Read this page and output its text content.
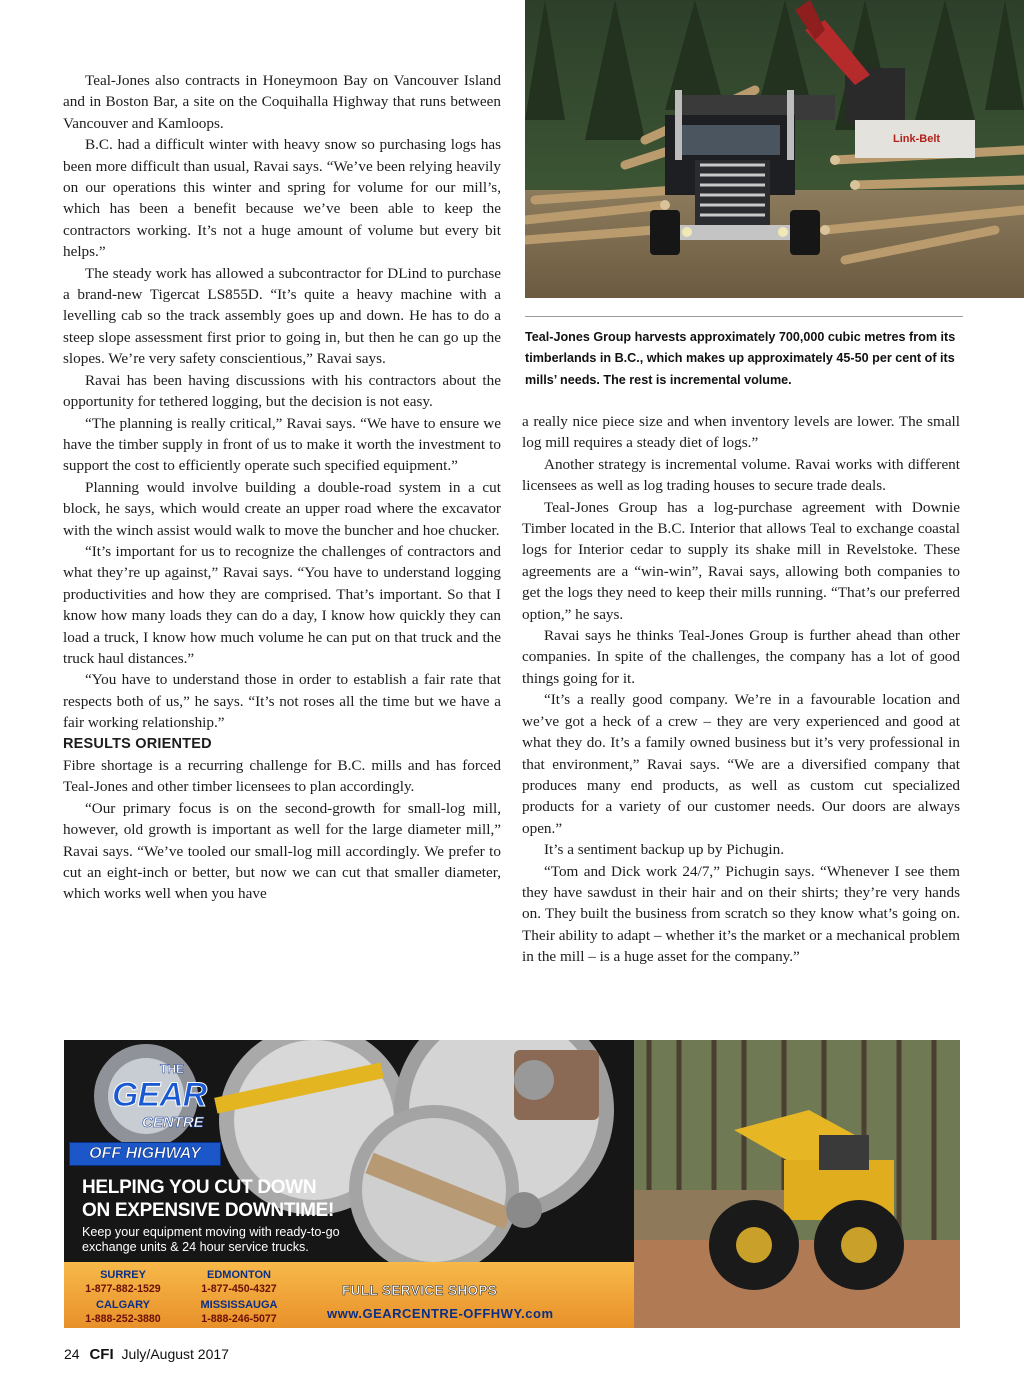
Teal-Jones also contracts in Honeymoon Bay on Vancouver Island and in Boston Bar, a site on the Coquihalla Highway that runs between Vancouver and Kamloops.

B.C. had a difficult winter with heavy snow so purchasing logs has been more difficult than usual, Ravai says. “We’ve been relying heavily on our operations this winter and spring for volume for our mill’s, which has been a benefit because we’ve been able to keep the contractors working. It’s not a huge amount of volume but every bit helps.”

The steady work has allowed a subcontractor for DLind to purchase a brand-new Tigercat LS855D. “It’s quite a heavy machine with a levelling cab so the track assembly goes up and down. He has to do a steep slope assessment first prior to going in, but then he can go up the slopes. We’re very safety conscientious,” Ravai says.

Ravai has been having discussions with his contractors about the opportunity for tethered logging, but the decision is not easy.

“The planning is really critical,” Ravai says. “We have to ensure we have the timber supply in front of us to make it worth the investment to support the cost to efficiently operate such specified equipment.”

Planning would involve building a double-road system in a cut block, he says, which would create an upper road where the excavator with the winch assist would walk to move the buncher and hoe chucker.

“It’s important for us to recognize the challenges of contractors and what they’re up against,” Ravai says. “You have to understand logging productivities and how they are comprised. That’s important. So that I know how many loads they can do a day, I know how quickly they can load a truck, I know how much volume he can put on that truck and the truck haul distances.”

“You have to understand those in order to establish a fair rate that respects both of us,” he says. “It’s not roses all the time but we have a fair working relationship.”

RESULTS ORIENTED

Fibre shortage is a recurring challenge for B.C. mills and has forced Teal-Jones and other timber licensees to plan accordingly.

“Our primary focus is on the second-growth for small-log mill, however, old growth is important as well for the large diameter mill,” Ravai says. “We’ve tooled our small-log mill accordingly. We prefer to cut an eight-inch or better, but now we can cut that smaller diameter, which works well when you have

Link-Belt
Teal-Jones Group harvests approximately 700,000 cubic metres from its timberlands in B.C., which makes up approximately 45-50 per cent of its mills’ needs. The rest is incremental volume.

a really nice piece size and when inventory levels are lower. The small log mill requires a steady diet of logs.”

Another strategy is incremental volume. Ravai works with different licensees as well as log trading houses to secure trade deals.

Teal-Jones Group has a log-purchase agreement with Downie Timber located in the B.C. Interior that allows Teal to exchange coastal logs for Interior cedar to supply its shake mill in Revelstoke. These agreements are a “win-win”, Ravai says, allowing both companies to get the logs they need to keep their mills running. “That’s our preferred option,” he says.

Ravai says he thinks Teal-Jones Group is further ahead than other companies. In spite of the challenges, the company has a lot of good things going for it.

“It’s a really good company. We’re in a favourable location and we’ve got a heck of a crew – they are very experienced and good at what they do. It’s a family owned business but it’s very professional in that environment,” Ravai says. “We are a diversified company that produces many end products, as well as custom cut specialized products for a variety of our customer needs. Our doors are always open.”

It’s a sentiment backup up by Pichugin.

“Tom and Dick work 24/7,” Pichugin says. “Whenever I see them they have sawdust in their hair and on their shirts; they’re very hands on. They built the business from scratch so they know what’s going on. Their ability to adapt – whether it’s the market or a mechanical problem in the mill – is a huge asset for the company.”

THE
GEAR
CENTRE
OFF HIGHWAY
HELPING YOU CUT DOWN
ON EXPENSIVE DOWNTIME!
Keep your equipment moving with ready-to-go
exchange units & 24 hour service trucks.
SURREY
1-877-882-1529
EDMONTON
1-877-450-4327
CALGARY
1-888-252-3880
MISSISSAUGA
1-888-246-5077
FULL SERVICE SHOPS
www.GEARCENTRE-OFFHWY.com
24 CFI July/August 2017
